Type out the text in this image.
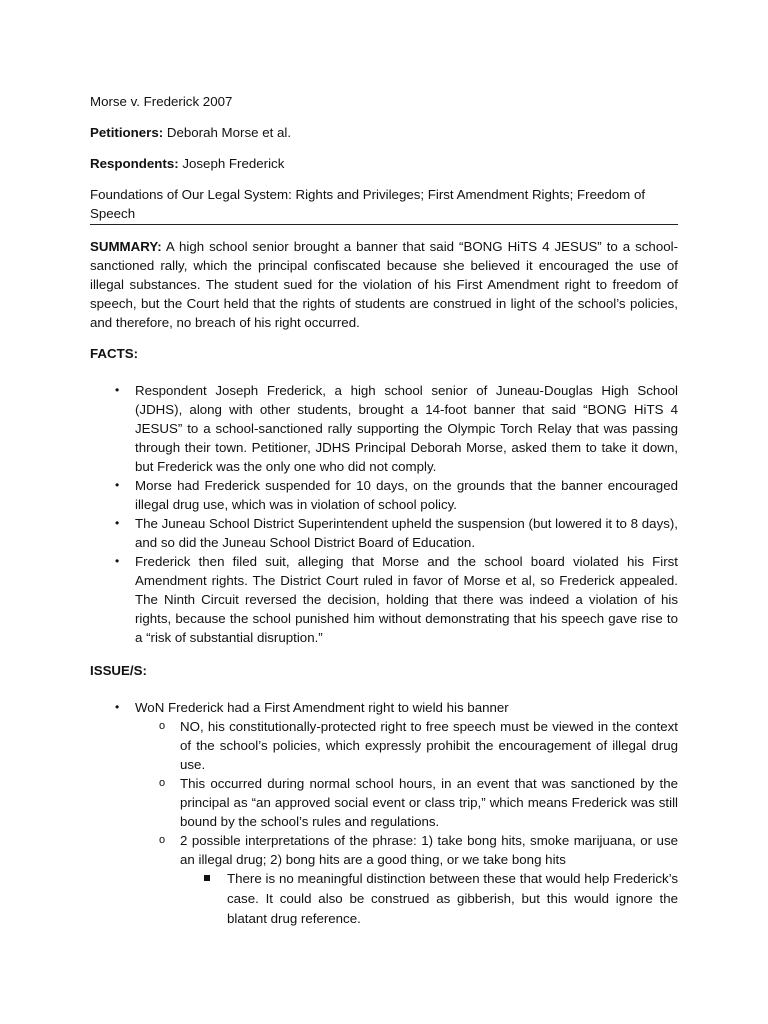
Morse v. Frederick 2007

Petitioners: Deborah Morse et al.

Respondents: Joseph Frederick

Foundations of Our Legal System: Rights and Privileges; First Amendment Rights; Freedom of Speech

SUMMARY: A high school senior brought a banner that said “BONG HiTS 4 JESUS” to a school-sanctioned rally, which the principal confiscated because she believed it encouraged the use of illegal substances. The student sued for the violation of his First Amendment right to freedom of speech, but the Court held that the rights of students are construed in light of the school’s policies, and therefore, no breach of his right occurred.

FACTS:

• Respondent Joseph Frederick, a high school senior of Juneau-Douglas High School (JDHS), along with other students, brought a 14-foot banner that said “BONG HiTS 4 JESUS” to a school-sanctioned rally supporting the Olympic Torch Relay that was passing through their town. Petitioner, JDHS Principal Deborah Morse, asked them to take it down, but Frederick was the only one who did not comply.
• Morse had Frederick suspended for 10 days, on the grounds that the banner encouraged illegal drug use, which was in violation of school policy.
• The Juneau School District Superintendent upheld the suspension (but lowered it to 8 days), and so did the Juneau School District Board of Education.
• Frederick then filed suit, alleging that Morse and the school board violated his First Amendment rights. The District Court ruled in favor of Morse et al, so Frederick appealed. The Ninth Circuit reversed the decision, holding that there was indeed a violation of his rights, because the school punished him without demonstrating that his speech gave rise to a “risk of substantial disruption.”

ISSUE/S:

• WoN Frederick had a First Amendment right to wield his banner
o NO, his constitutionally-protected right to free speech must be viewed in the context of the school’s policies, which expressly prohibit the encouragement of illegal drug use.
o This occurred during normal school hours, in an event that was sanctioned by the principal as “an approved social event or class trip,” which means Frederick was still bound by the school’s rules and regulations.
o 2 possible interpretations of the phrase: 1) take bong hits, smoke marijuana, or use an illegal drug; 2) bong hits are a good thing, or we take bong hits
There is no meaningful distinction between these that would help Frederick’s case. It could also be construed as gibberish, but this would ignore the blatant drug reference.
